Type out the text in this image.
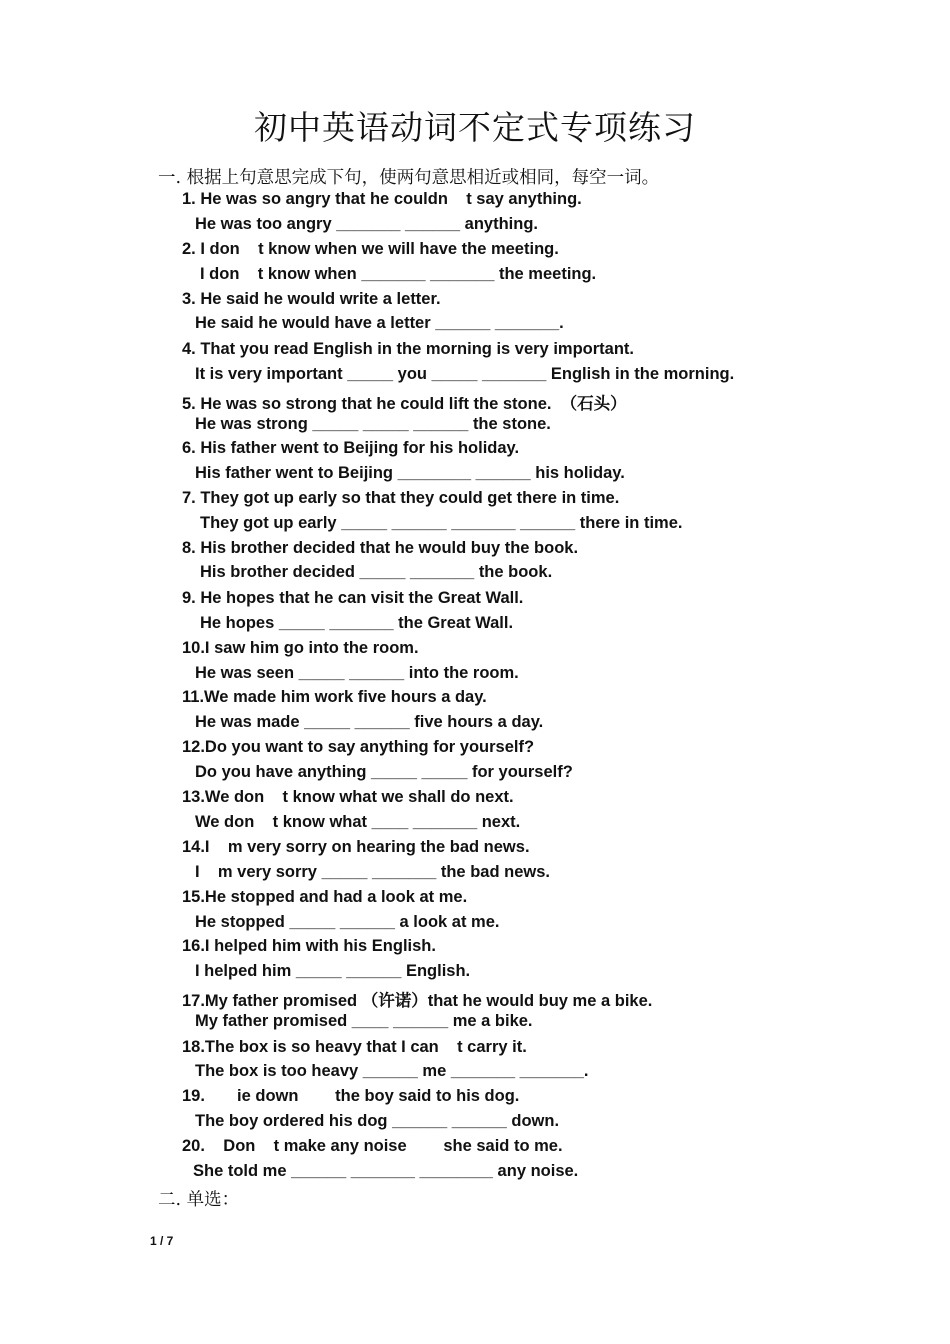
初中英语动词不定式专项练习
一. 根据上句意思完成下句，使两句意思相近或相同，每空一词。
1. He was so angry that he couldn    t say anything.
He was too angry _______ ______ anything.
2. I don    t know when we will have the meeting.
I don    t know when _______ _______ the meeting.
3. He said he would write a letter.
He said he would have a letter ______ _______.
4. That you read English in the morning is very important.
It is very important _____ you _____ _______ English in the morning.
5. He was so strong that he could lift the stone.  （石头）
He was strong _____ _____ ______ the stone.
6. His father went to Beijing for his holiday.
His father went to Beijing ________ ______ his holiday.
7. They got up early so that they could get there in time.
They got up early _____ ______ _______ ______ there in time.
8. His brother decided that he would buy the book.
His brother decided _____ _______ the book.
9. He hopes that he can visit the Great Wall.
He hopes _____ _______ the Great Wall.
10.I saw him go into the room.
He was seen _____ ______ into the room.
11.We made him work five hours a day.
He was made _____ ______ five hours a day.
12.Do you want to say anything for yourself?
Do you have anything _____ _____ for yourself?
13.We don    t know what we shall do next.
We don    t know what ____ _______ next.
14.I    m very sorry on hearing the bad news.
I    m very sorry _____ _______ the bad news.
15.He stopped and had a look at me.
He stopped _____ ______ a look at me.
16.I helped him with his English.
I helped him _____ ______ English.
17.My father promised （许诺）that he would buy me a bike.
My father promised ____ ______ me a bike.
18.The box is so heavy that I can    t carry it.
The box is too heavy ______ me _______ _______.
19.       ie down        the boy said to his dog.
The boy ordered his dog ______ ______ down.
20.    Don    t make any noise        she said to me.
She told me ______ _______ ________ any noise.
二. 单选：
1 / 7
